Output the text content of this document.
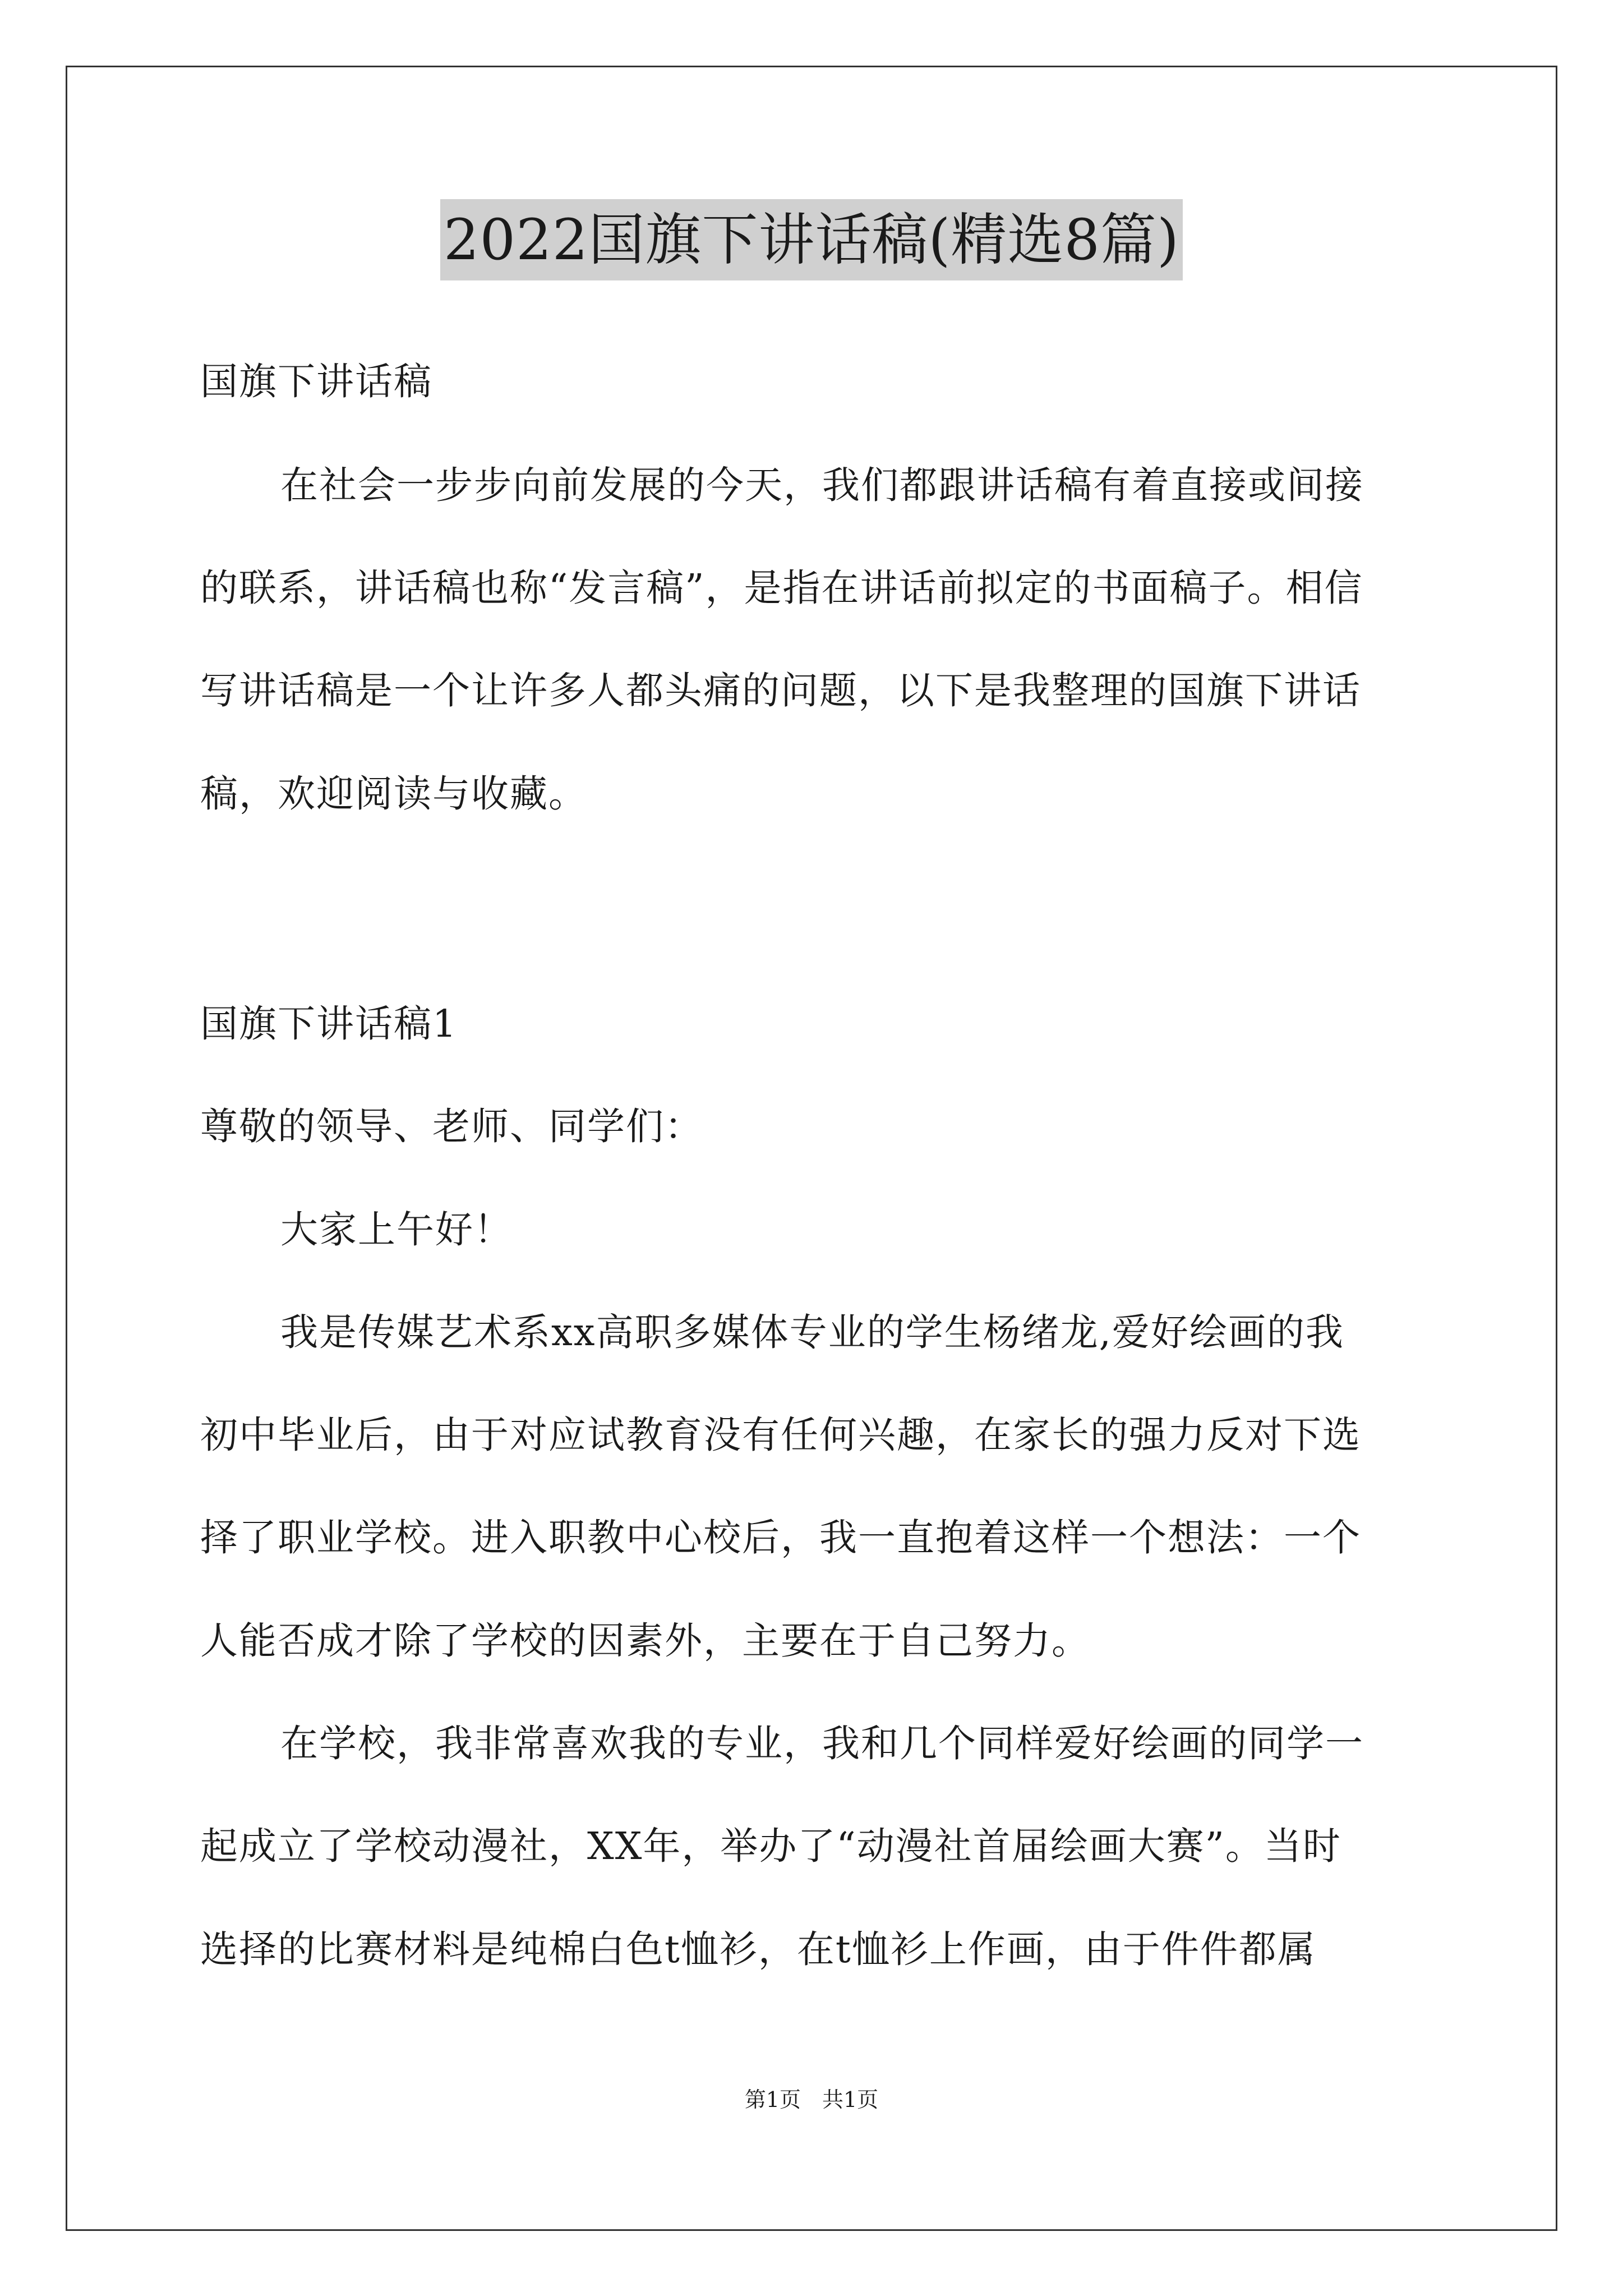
2022国旗下讲话稿(精选8篇)
国旗下讲话稿
在社会一步步向前发展的今天，我们都跟讲话稿有着直接或间接
的联系，讲话稿也称“发言稿”，是指在讲话前拟定的书面稿子。相信
写讲话稿是一个让许多人都头痛的问题，以下是我整理的国旗下讲话
稿，欢迎阅读与收藏。
国旗下讲话稿1
尊敬的领导、老师、同学们：
大家上午好！
我是传媒艺术系xx高职多媒体专业的学生杨绪龙,爱好绘画的我
初中毕业后，由于对应试教育没有任何兴趣，在家长的强力反对下选
择了职业学校。进入职教中心校后，我一直抱着这样一个想法：一个
人能否成才除了学校的因素外，主要在于自己努力。
在学校，我非常喜欢我的专业，我和几个同样爱好绘画的同学一
起成立了学校动漫社，XX年，举办了“动漫社首届绘画大赛”。当时
选择的比赛材料是纯棉白色t恤衫，在t恤衫上作画，由于件件都属
第1页　共1页
